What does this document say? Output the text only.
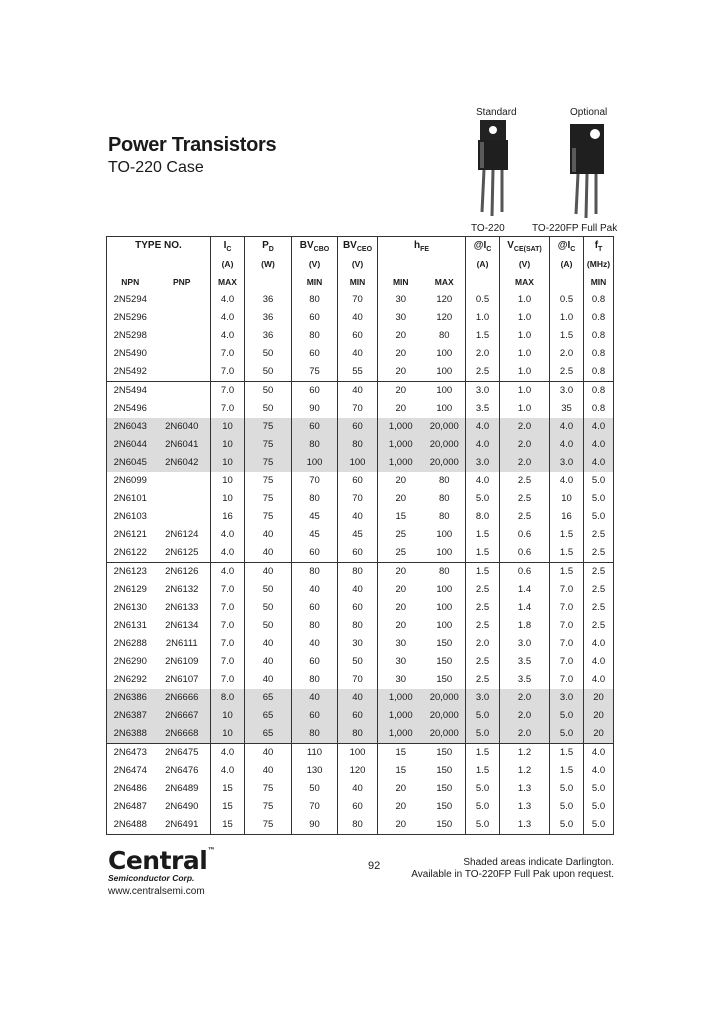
Power Transistors
TO-220 Case
Standard	Optional
TO-220	TO-220FP Full Pak
TYPE NO.		$I_C$	$P_D$	$BV_{CBO}$	$BV_{CEO}$	$h_{FE}$		$@I_C$	$V_{CE(SAT)}$	$@I_C$	$f_T$
		(A)	(W)	(V)	(V)			(A)	(V)	(A)	(MHz)
NPN	PNP	MAX		MIN	MIN	MIN	MAX		MAX		MIN
2N5294		4.0	36	80	70	30	120	0.5	1.0	0.5	0.8
2N5296		4.0	36	60	40	30	120	1.0	1.0	1.0	0.8
2N5298		4.0	36	80	60	20	80	1.5	1.0	1.5	0.8
2N5490		7.0	50	60	40	20	100	2.0	1.0	2.0	0.8
2N5492		7.0	50	75	55	20	100	2.5	1.0	2.5	0.8
2N5494		7.0	50	60	40	20	100	3.0	1.0	3.0	0.8
2N5496		7.0	50	90	70	20	100	3.5	1.0	35	0.8
2N6043	2N6040	10	75	60	60	1,000	20,000	4.0	2.0	4.0	4.0
2N6044	2N6041	10	75	80	80	1,000	20,000	4.0	2.0	4.0	4.0
2N6045	2N6042	10	75	100	100	1,000	20,000	3.0	2.0	3.0	4.0
2N6099		10	75	70	60	20	80	4.0	2.5	4.0	5.0
2N6101		10	75	80	70	20	80	5.0	2.5	10	5.0
2N6103		16	75	45	40	15	80	8.0	2.5	16	5.0
2N6121	2N6124	4.0	40	45	45	25	100	1.5	0.6	1.5	2.5
2N6122	2N6125	4.0	40	60	60	25	100	1.5	0.6	1.5	2.5
2N6123	2N6126	4.0	40	80	80	20	80	1.5	0.6	1.5	2.5
2N6129	2N6132	7.0	50	40	40	20	100	2.5	1.4	7.0	2.5
2N6130	2N6133	7.0	50	60	60	20	100	2.5	1.4	7.0	2.5
2N6131	2N6134	7.0	50	80	80	20	100	2.5	1.8	7.0	2.5
2N6288	2N6111	7.0	40	40	30	30	150	2.0	3.0	7.0	4.0
2N6290	2N6109	7.0	40	60	50	30	150	2.5	3.5	7.0	4.0
2N6292	2N6107	7.0	40	80	70	30	150	2.5	3.5	7.0	4.0
2N6386	2N6666	8.0	65	40	40	1,000	20,000	3.0	2.0	3.0	20
2N6387	2N6667	10	65	60	60	1,000	20,000	5.0	2.0	5.0	20
2N6388	2N6668	10	65	80	80	1,000	20,000	5.0	2.0	5.0	20
2N6473	2N6475	4.0	40	110	100	15	150	1.5	1.2	1.5	4.0
2N6474	2N6476	4.0	40	130	120	15	150	1.5	1.2	1.5	4.0
2N6486	2N6489	15	75	50	40	20	150	5.0	1.3	5.0	5.0
2N6487	2N6490	15	75	70	60	20	150	5.0	1.3	5.0	5.0
2N6488	2N6491	15	75	90	80	20	150	5.0	1.3	5.0	5.0
Central™
Semiconductor Corp.
www.centralsemi.com
92	Shaded areas indicate Darlington.
Available in TO-220FP Full Pak upon request.
